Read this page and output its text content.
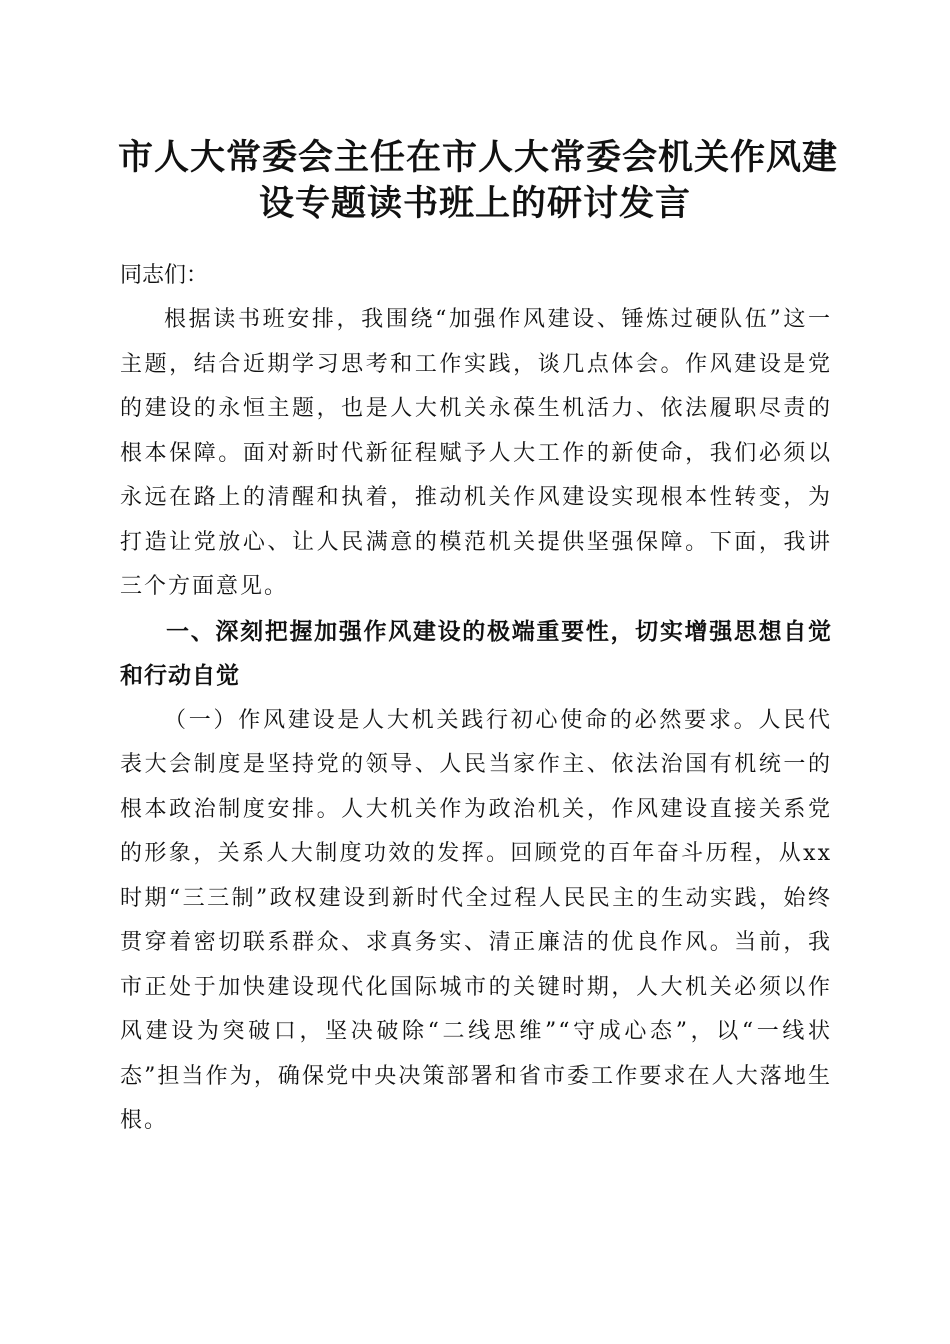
市人大常委会主任在市人大常委会机关作风建
设专题读书班上的研讨发言

同志们：

根据读书班安排，我围绕“加强作风建设、锤炼过硬队伍”这一主题，结合近期学习思考和工作实践，谈几点体会。作风建设是党的建设的永恒主题，也是人大机关永葆生机活力、依法履职尽责的根本保障。面对新时代新征程赋予人大工作的新使命，我们必须以永远在路上的清醒和执着，推动机关作风建设实现根本性转变，为打造让党放心、让人民满意的模范机关提供坚强保障。下面，我讲三个方面意见。

一、深刻把握加强作风建设的极端重要性，切实增强思想自觉和行动自觉

（一）作风建设是人大机关践行初心使命的必然要求。人民代表大会制度是坚持党的领导、人民当家作主、依法治国有机统一的根本政治制度安排。人大机关作为政治机关，作风建设直接关系党的形象，关系人大制度功效的发挥。回顾党的百年奋斗历程，从xx时期“三三制”政权建设到新时代全过程人民民主的生动实践，始终贯穿着密切联系群众、求真务实、清正廉洁的优良作风。当前，我市正处于加快建设现代化国际城市的关键时期，人大机关必须以作风建设为突破口，坚决破除“二线思维”“守成心态”，以“一线状态”担当作为，确保党中央决策部署和省市委工作要求在人大落地生根。
